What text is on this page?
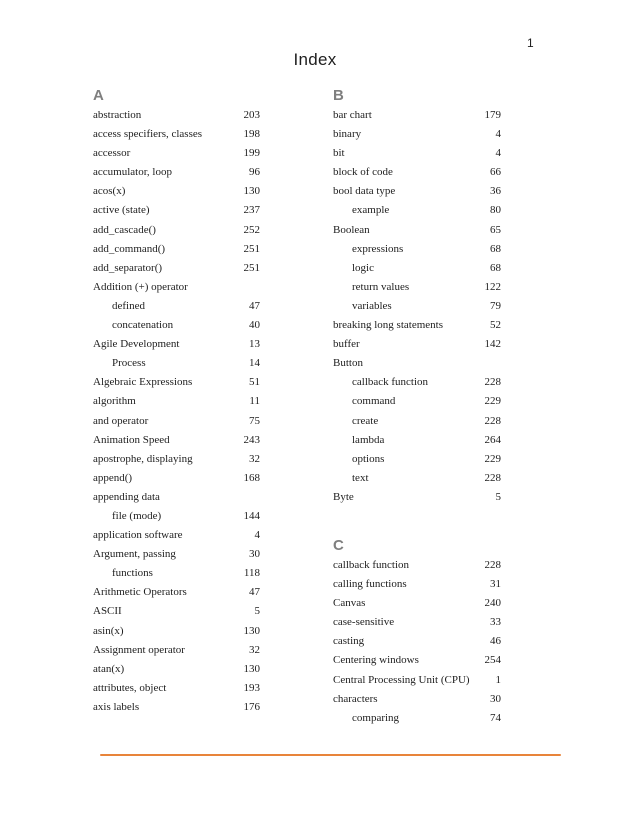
1
Index
A
abstraction	203
access specifiers, classes	198
accessor	199
accumulator, loop	96
acos(x)	130
active (state)	237
add_cascade()	252
add_command()	251
add_separator()	251
Addition (+) operator
defined	47
concatenation	40
Agile Development	13
Process	14
Algebraic Expressions	51
algorithm	11
and operator	75
Animation Speed	243
apostrophe, displaying	32
append()	168
appending data
file (mode)	144
application software	4
Argument, passing	30
functions	118
Arithmetic Operators	47
ASCII	5
asin(x)	130
Assignment operator	32
atan(x)	130
attributes, object	193
axis labels	176
B
bar chart	179
binary	4
bit	4
block of code	66
bool data type	36
example	80
Boolean	65
expressions	68
logic	68
return values	122
variables	79
breaking long statements	52
buffer	142
Button
callback function	228
command	229
create	228
lambda	264
options	229
text	228
Byte	5
C
callback function	228
calling functions	31
Canvas	240
case-sensitive	33
casting	46
Centering windows	254
Central Processing Unit (CPU) 1
characters	30
comparing	74
